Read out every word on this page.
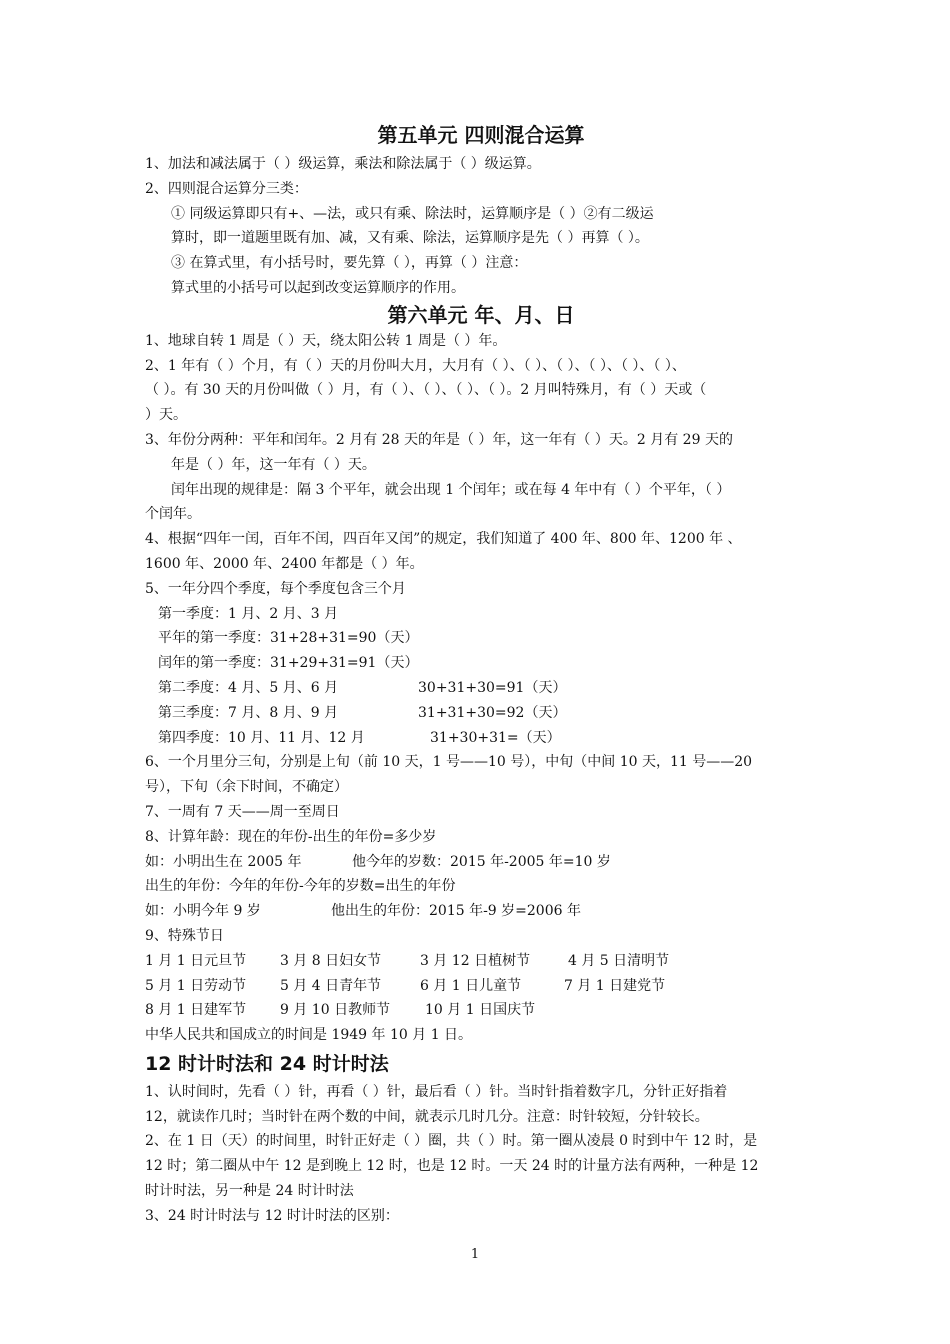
第五单元 四则混合运算
1、加法和减法属于（ ）级运算，乘法和除法属于（ ）级运算。
2、四则混合运算分三类：
① 同级运算即只有+、—法，或只有乘、除法时，运算顺序是（ ）②有二级运
算时，即一道题里既有加、减，又有乘、除法，运算顺序是先（ ）再算（ ）。
③ 在算式里，有小括号时，要先算（ ），再算（ ）注意：
算式里的小括号可以起到改变运算顺序的作用。
第六单元 年、月、日
1、地球自转 1 周是（ ）天，绕太阳公转 1 周是（ ）年。
2、1 年有（ ）个月，有（ ）天的月份叫大月，大月有（ ）、（ ）、（ ）、（ ）、（ ）、（ ）、
（ ）。有 30 天的月份叫做（ ）月，有（ ）、（ ）、（ ）、（ ）。2 月叫特殊月，有（ ）天或（
）天。
3、年份分两种：平年和闰年。2 月有 28 天的年是（ ）年，这一年有（ ）天。2 月有 29 天的
年是（ ）年，这一年有（ ）天。
闰年出现的规律是：隔 3 个平年，就会出现 1 个闰年；或在每 4 年中有（ ）个平年，（ ）
个闰年。
4、根据“四年一闰，百年不闰，四百年又闰”的规定，我们知道了 400 年、800 年、1200 年 、
1600 年、2000 年、2400 年都是（ ）年。
5、一年分四个季度，每个季度包含三个月
第一季度：1 月、2 月、3 月
平年的第一季度：31+28+31=90（天）
闰年的第一季度：31+29+31=91（天）
第二季度：4 月、5 月、6 月	30+31+30=91（天）
第三季度：7 月、8 月、9 月	31+31+30=92（天）
第四季度：10 月、11 月、12 月	31+30+31=（天）
6、一个月里分三旬，分别是上旬（前 10 天，1 号——10 号），中旬（中间 10 天，11 号——20
号），下旬（余下时间，不确定）
7、一周有 7 天——周一至周日
8、计算年龄：现在的年份-出生的年份=多少岁
如：小明出生在 2005 年	他今年的岁数：2015 年-2005 年=10 岁
出生的年份：今年的年份-今年的岁数=出生的年份
如：小明今年 9 岁	他出生的年份：2015 年-9 岁=2006 年
9、特殊节日
1 月 1 日元旦节 3 月 8 日妇女节	3 月 12 日植树节	4 月 5 日清明节
5 月 1 日劳动节 5 月 4 日青年节	6 月 1 日儿童节	7 月 1 日建党节
8 月 1 日建军节 9 月 10 日教师节 10 月 1 日国庆节
中华人民共和国成立的时间是 1949 年 10 月 1 日。
12 时计时法和 24 时计时法
1、认时间时，先看（ ）针，再看（ ）针，最后看（ ）针。当时针指着数字几，分针正好指着
12，就读作几时；当时针在两个数的中间，就表示几时几分。注意：时针较短，分针较长。
2、在 1 日（天）的时间里，时针正好走（ ）圈，共（ ）时。第一圈从凌晨 0 时到中午 12 时，是
12 时；第二圈从中午 12 是到晚上 12 时，也是 12 时。一天 24 时的计量方法有两种，一种是 12
时计时法，另一种是 24 时计时法
3、24 时计时法与 12 时计时法的区别：
1
